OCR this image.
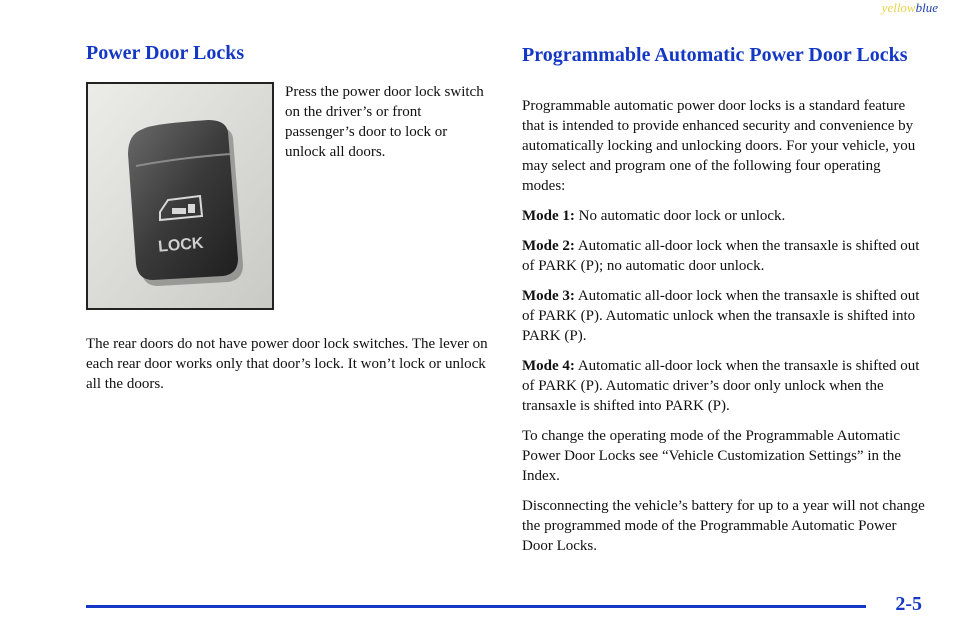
yellowblue
Power Door Locks
LOCK
Press the power door lock switch on the driver’s or front passenger’s door to lock or unlock all doors.
The rear doors do not have power door lock switches. The lever on each rear door works only that door’s lock. It won’t lock or unlock all the doors.
Programmable Automatic Power Door Locks

Programmable automatic power door locks is a standard feature that is intended to provide enhanced security and convenience by automatically locking and unlocking doors. For your vehicle, you may select and program one of the following four operating modes:

Mode 1: No automatic door lock or unlock.

Mode 2: Automatic all-door lock when the transaxle is shifted out of PARK (P); no automatic door unlock.

Mode 3: Automatic all-door lock when the transaxle is shifted out of PARK (P). Automatic unlock when the transaxle is shifted into PARK (P).

Mode 4: Automatic all-door lock when the transaxle is shifted out of PARK (P). Automatic driver’s door only unlock when the transaxle is shifted into PARK (P).

To change the operating mode of the Programmable Automatic Power Door Locks see “Vehicle Customization Settings” in the Index.

Disconnecting the vehicle’s battery for up to a year will not change the programmed mode of the Programmable Automatic Power Door Locks.

2-5
